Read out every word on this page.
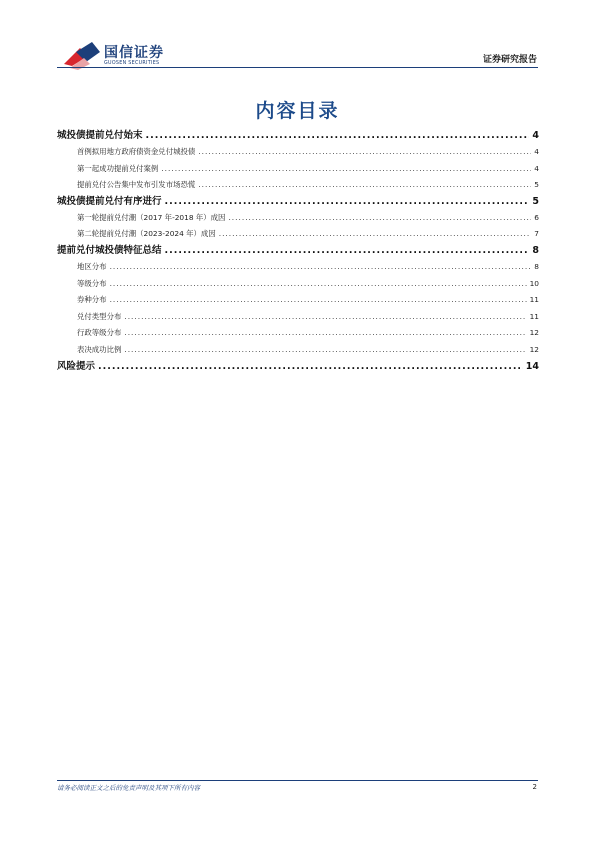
国信证券
GUOSEN SECURITIES	证券研究报告
内容目录
城投债提前兑付始末 .....	4
首例拟用地方政府债资金兑付城投债 .....	4
第一起成功提前兑付案例 .....	4
提前兑付公告集中发布引发市场恐慌 .....	5
城投债提前兑付有序进行 .....	5
第一轮提前兑付潮（2017 年-2018 年）成因 .....	6
第二轮提前兑付潮（2023-2024 年）成因 .....	7
提前兑付城投债特征总结 .....	8
地区分布 .....	8
等级分布 .....	10
券种分布 .....	11
兑付类型分布 .....	11
行政等级分布 .....	12
表决成功比例 .....	12
风险提示 .....	14
请务必阅读正文之后的免责声明及其项下所有内容	2
